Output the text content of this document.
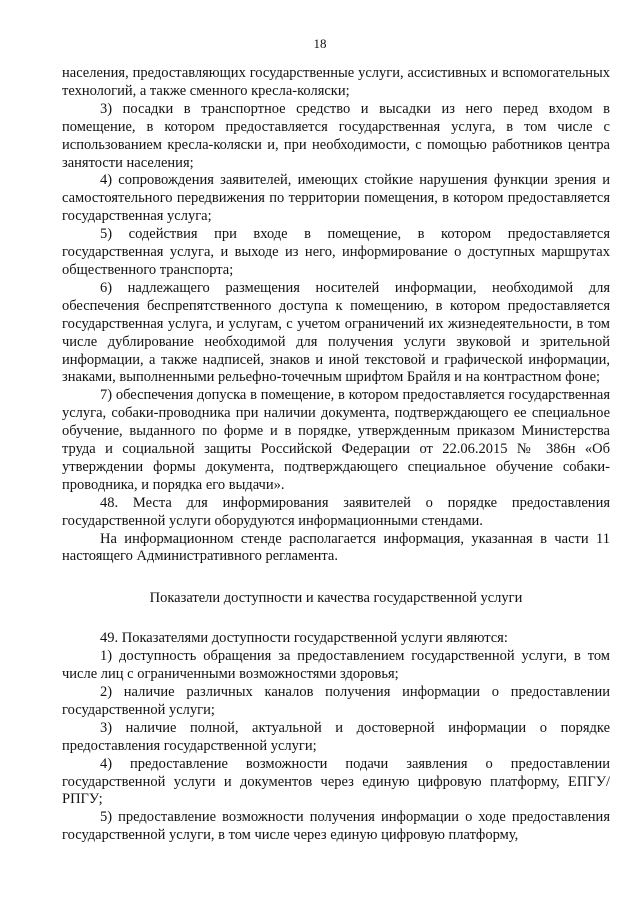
18

населения, предоставляющих государственные услуги, ассистивных и вспомогательных технологий, а также сменного кресла-коляски;

3) посадки в транспортное средство и высадки из него перед входом в помещение, в котором предоставляется государственная услуга, в том числе с использованием кресла-коляски и, при необходимости, с помощью работников центра занятости населения;

4) сопровождения заявителей, имеющих стойкие нарушения функции зрения и самостоятельного передвижения по территории помещения, в котором предоставляется государственная услуга;

5) содействия при входе в помещение, в котором предоставляется государственная услуга, и выходе из него, информирование о доступных маршрутах общественного транспорта;

6) надлежащего размещения носителей информации, необходимой для обеспечения беспрепятственного доступа к помещению, в котором предоставляется государственная услуга, и услугам, с учетом ограничений их жизнедеятельности, в том числе дублирование необходимой для получения услуги звуковой и зрительной информации, а также надписей, знаков и иной текстовой и графической информации, знаками, выполненными рельефно-точечным шрифтом Брайля и на контрастном фоне;

7) обеспечения допуска в помещение, в котором предоставляется государственная услуга, собаки-проводника при наличии документа, подтверждающего ее специальное обучение, выданного по форме и в порядке, утвержденным приказом Министерства труда и социальной защиты Российской Федерации от 22.06.2015 № 386н «Об утверждении формы документа, подтверждающего специальное обучение собаки-проводника, и порядка его выдачи».

48. Места для информирования заявителей о порядке предоставления государственной услуги оборудуются информационными стендами.

На информационном стенде располагается информация, указанная в части 11 настоящего Административного регламента.

Показатели доступности и качества государственной услуги

49. Показателями доступности государственной услуги являются:

1) доступность обращения за предоставлением государственной услуги, в том числе лиц с ограниченными возможностями здоровья;

2) наличие различных каналов получения информации о предоставлении государственной услуги;

3) наличие полной, актуальной и достоверной информации о порядке предоставления государственной услуги;

4) предоставление возможности подачи заявления о предоставлении государственной услуги и документов через единую цифровую платформу, ЕПГУ/РПГУ;

5) предоставление возможности получения информации о ходе предоставления государственной услуги, в том числе через единую цифровую платформу,
